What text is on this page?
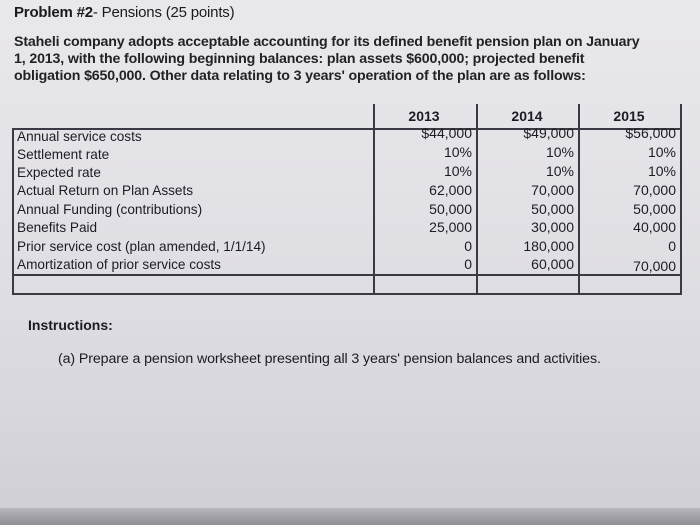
Problem #2- Pensions (25 points)
Staheli company adopts acceptable accounting for its defined benefit pension plan on January
1, 2013, with the following beginning balances: plan assets $600,000; projected benefit
obligation $650,000. Other data relating to 3 years' operation of the plan are as follows:
2013	2014	2015
Annual service costs	$44,000	$49,000	$56,000
Settlement rate	10%	10%	10%
Expected rate	10%	10%	10%
Actual Return on Plan Assets	62,000	70,000	70,000
Annual Funding (contributions)	50,000	50,000	50,000
Benefits Paid	25,000	30,000	40,000
Prior service cost (plan amended, 1/1/14)	0	180,000	0
Amortization of prior service costs	0	60,000	70,000
Instructions:
(a) Prepare a pension worksheet presenting all 3 years' pension balances and activities.
